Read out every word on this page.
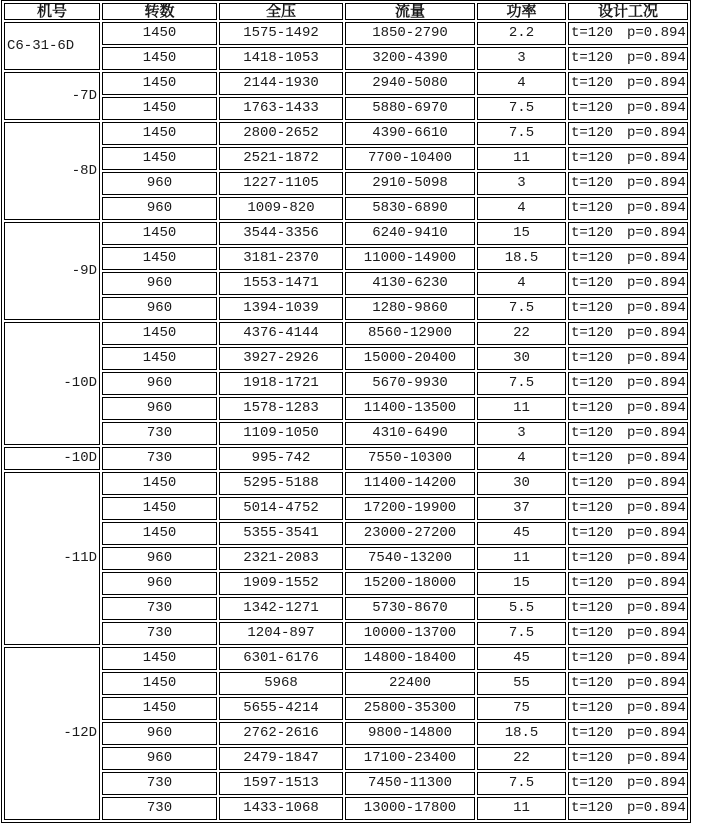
机号	转数	全压	流量	功率	设计工况
C6-31-6D	1450	1575-1492	1850-2790	2.2	t=120 p=0.894
	1450	1418-1053	3200-4390	3	t=120 p=0.894
-7D	1450	2144-1930	2940-5080	4	t=120 p=0.894
	1450	1763-1433	5880-6970	7.5	t=120 p=0.894
-8D	1450	2800-2652	4390-6610	7.5	t=120 p=0.894
	1450	2521-1872	7700-10400	11	t=120 p=0.894
	960	1227-1105	2910-5098	3	t=120 p=0.894
	960	1009-820	5830-6890	4	t=120 p=0.894
-9D	1450	3544-3356	6240-9410	15	t=120 p=0.894
	1450	3181-2370	11000-14900	18.5	t=120 p=0.894
	960	1553-1471	4130-6230	4	t=120 p=0.894
	960	1394-1039	1280-9860	7.5	t=120 p=0.894
-10D	1450	4376-4144	8560-12900	22	t=120 p=0.894
	1450	3927-2926	15000-20400	30	t=120 p=0.894
	960	1918-1721	5670-9930	7.5	t=120 p=0.894
	960	1578-1283	11400-13500	11	t=120 p=0.894
	730	1109-1050	4310-6490	3	t=120 p=0.894
-10D	730	995-742	7550-10300	4	t=120 p=0.894
-11D	1450	5295-5188	11400-14200	30	t=120 p=0.894
	1450	5014-4752	17200-19900	37	t=120 p=0.894
	1450	5355-3541	23000-27200	45	t=120 p=0.894
	960	2321-2083	7540-13200	11	t=120 p=0.894
	960	1909-1552	15200-18000	15	t=120 p=0.894
	730	1342-1271	5730-8670	5.5	t=120 p=0.894
	730	1204-897	10000-13700	7.5	t=120 p=0.894
-12D	1450	6301-6176	14800-18400	45	t=120 p=0.894
	1450	5968	22400	55	t=120 p=0.894
	1450	5655-4214	25800-35300	75	t=120 p=0.894
	960	2762-2616	9800-14800	18.5	t=120 p=0.894
	960	2479-1847	17100-23400	22	t=120 p=0.894
	730	1597-1513	7450-11300	7.5	t=120 p=0.894
	730	1433-1068	13000-17800	11	t=120 p=0.894
